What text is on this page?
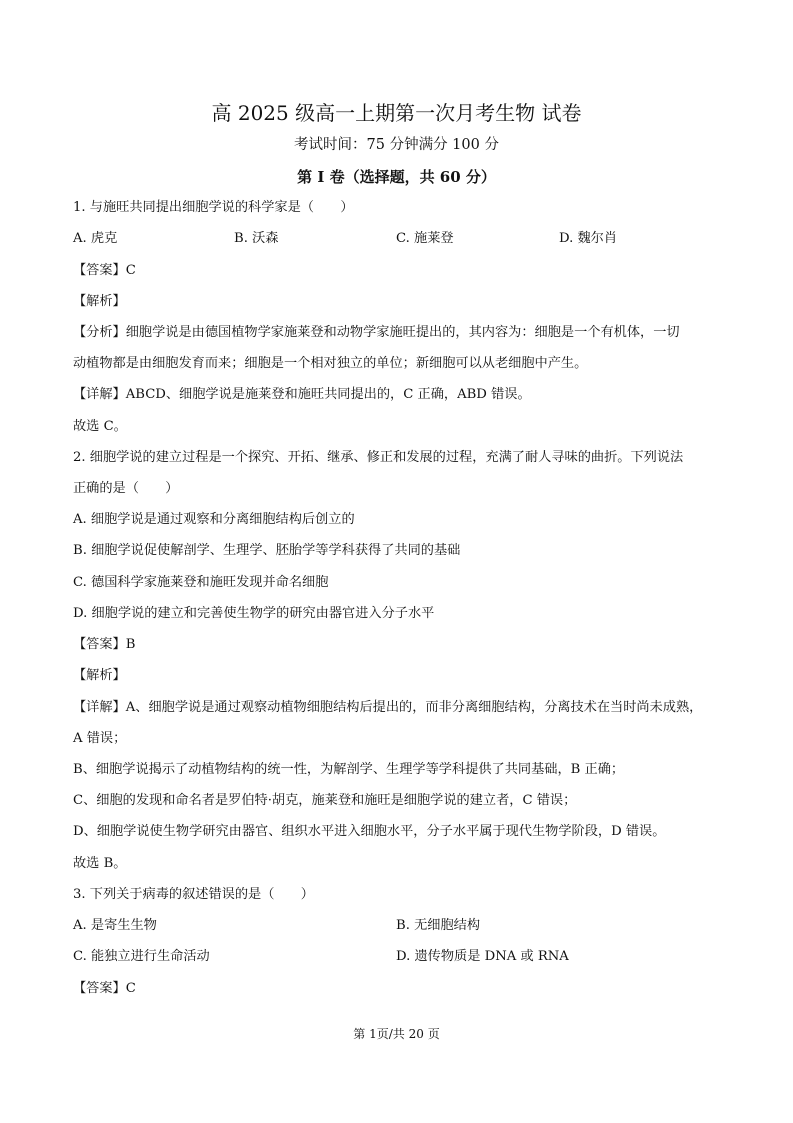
高 2025 级高一上期第一次月考生物 试卷
考试时间：75 分钟满分 100 分
第 I 卷（选择题，共 60 分）
1. 与施旺共同提出细胞学说的科学家是（　　）
A. 虎克	B. 沃森	C. 施莱登	D. 魏尔肖
【答案】C
【解析】
【分析】细胞学说是由德国植物学家施莱登和动物学家施旺提出的，其内容为：细胞是一个有机体，一切
动植物都是由细胞发育而来；细胞是一个相对独立的单位；新细胞可以从老细胞中产生。
【详解】ABCD、细胞学说是施莱登和施旺共同提出的，C 正确，ABD 错误。
故选 C。
2. 细胞学说的建立过程是一个探究、开拓、继承、修正和发展的过程，充满了耐人寻味的曲折。下列说法
正确的是（　　）
A. 细胞学说是通过观察和分离细胞结构后创立的
B. 细胞学说促使解剖学、生理学、胚胎学等学科获得了共同的基础
C. 德国科学家施莱登和施旺发现并命名细胞
D. 细胞学说的建立和完善使生物学的研究由器官进入分子水平
【答案】B
【解析】
【详解】A、细胞学说是通过观察动植物细胞结构后提出的，而非分离细胞结构，分离技术在当时尚未成熟，
A 错误；
B、细胞学说揭示了动植物结构的统一性，为解剖学、生理学等学科提供了共同基础，B 正确；
C、细胞的发现和命名者是罗伯特·胡克，施莱登和施旺是细胞学说的建立者，C 错误；
D、细胞学说使生物学研究由器官、组织水平进入细胞水平，分子水平属于现代生物学阶段，D 错误。
故选 B。
3. 下列关于病毒的叙述错误的是（　　）
A. 是寄生生物	B. 无细胞结构
C. 能独立进行生命活动	D. 遗传物质是 DNA 或 RNA
【答案】C
第 1页/共 20 页
